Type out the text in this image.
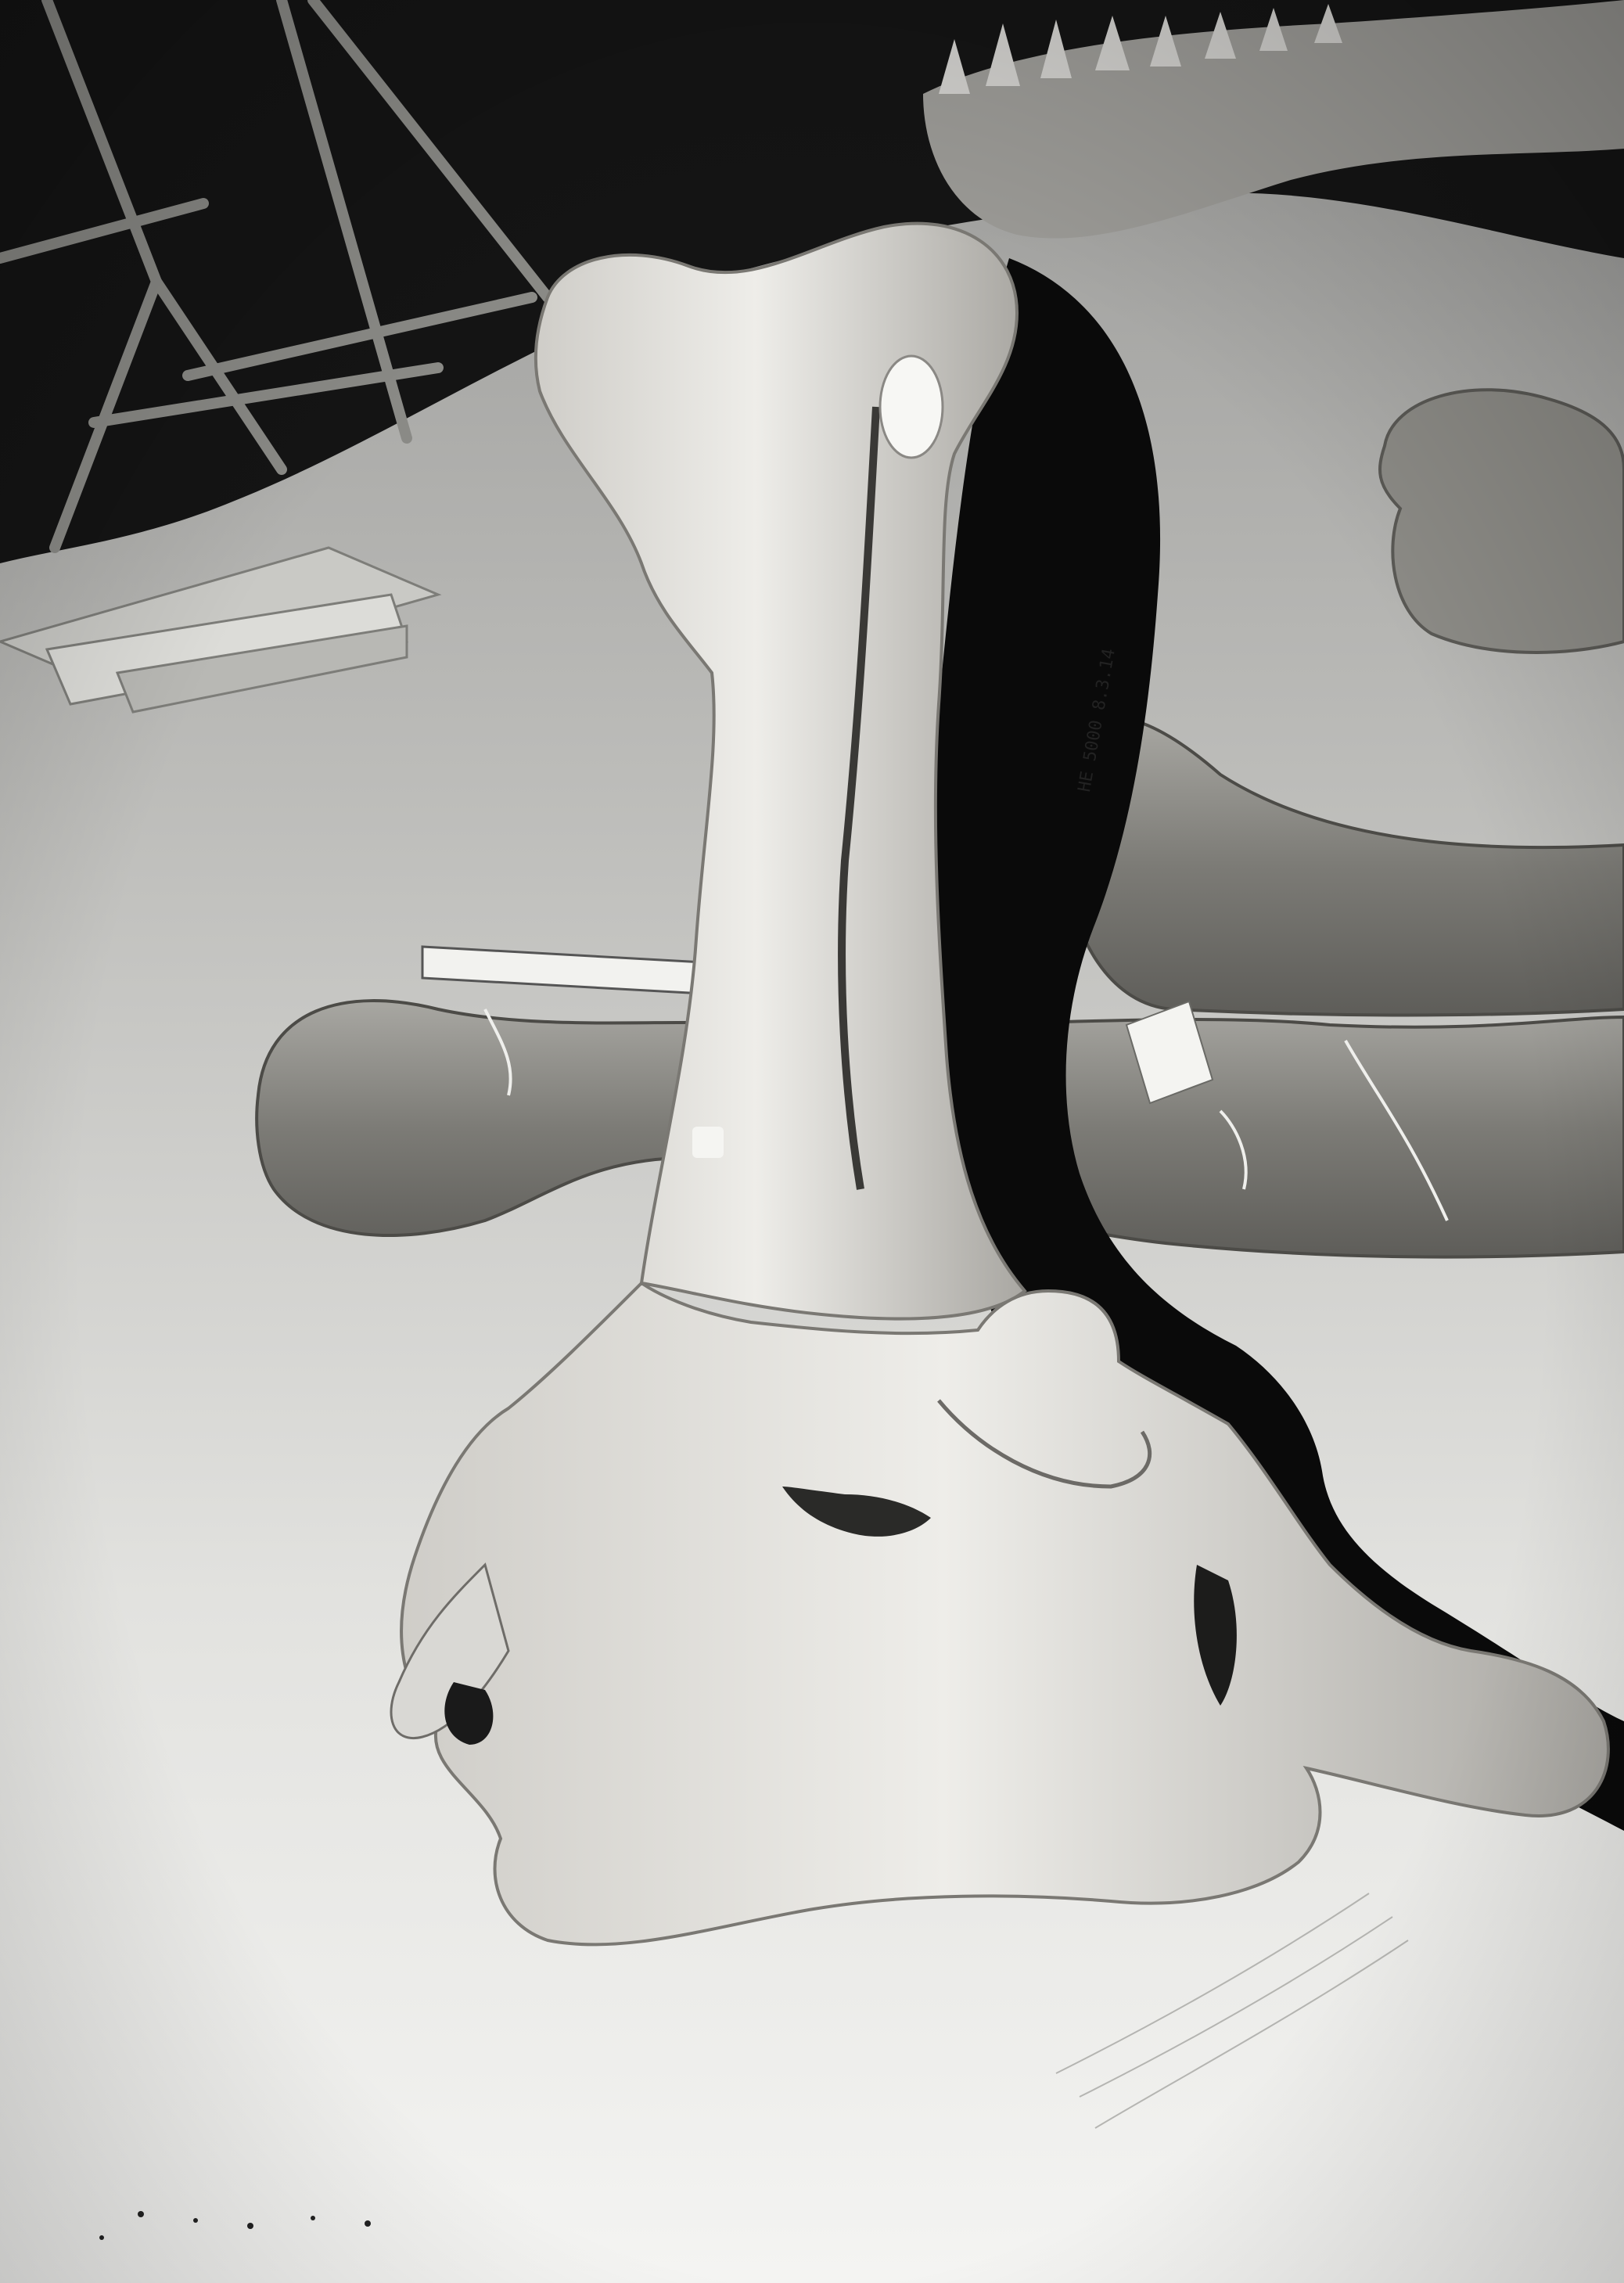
HE 5000 8.3.14
